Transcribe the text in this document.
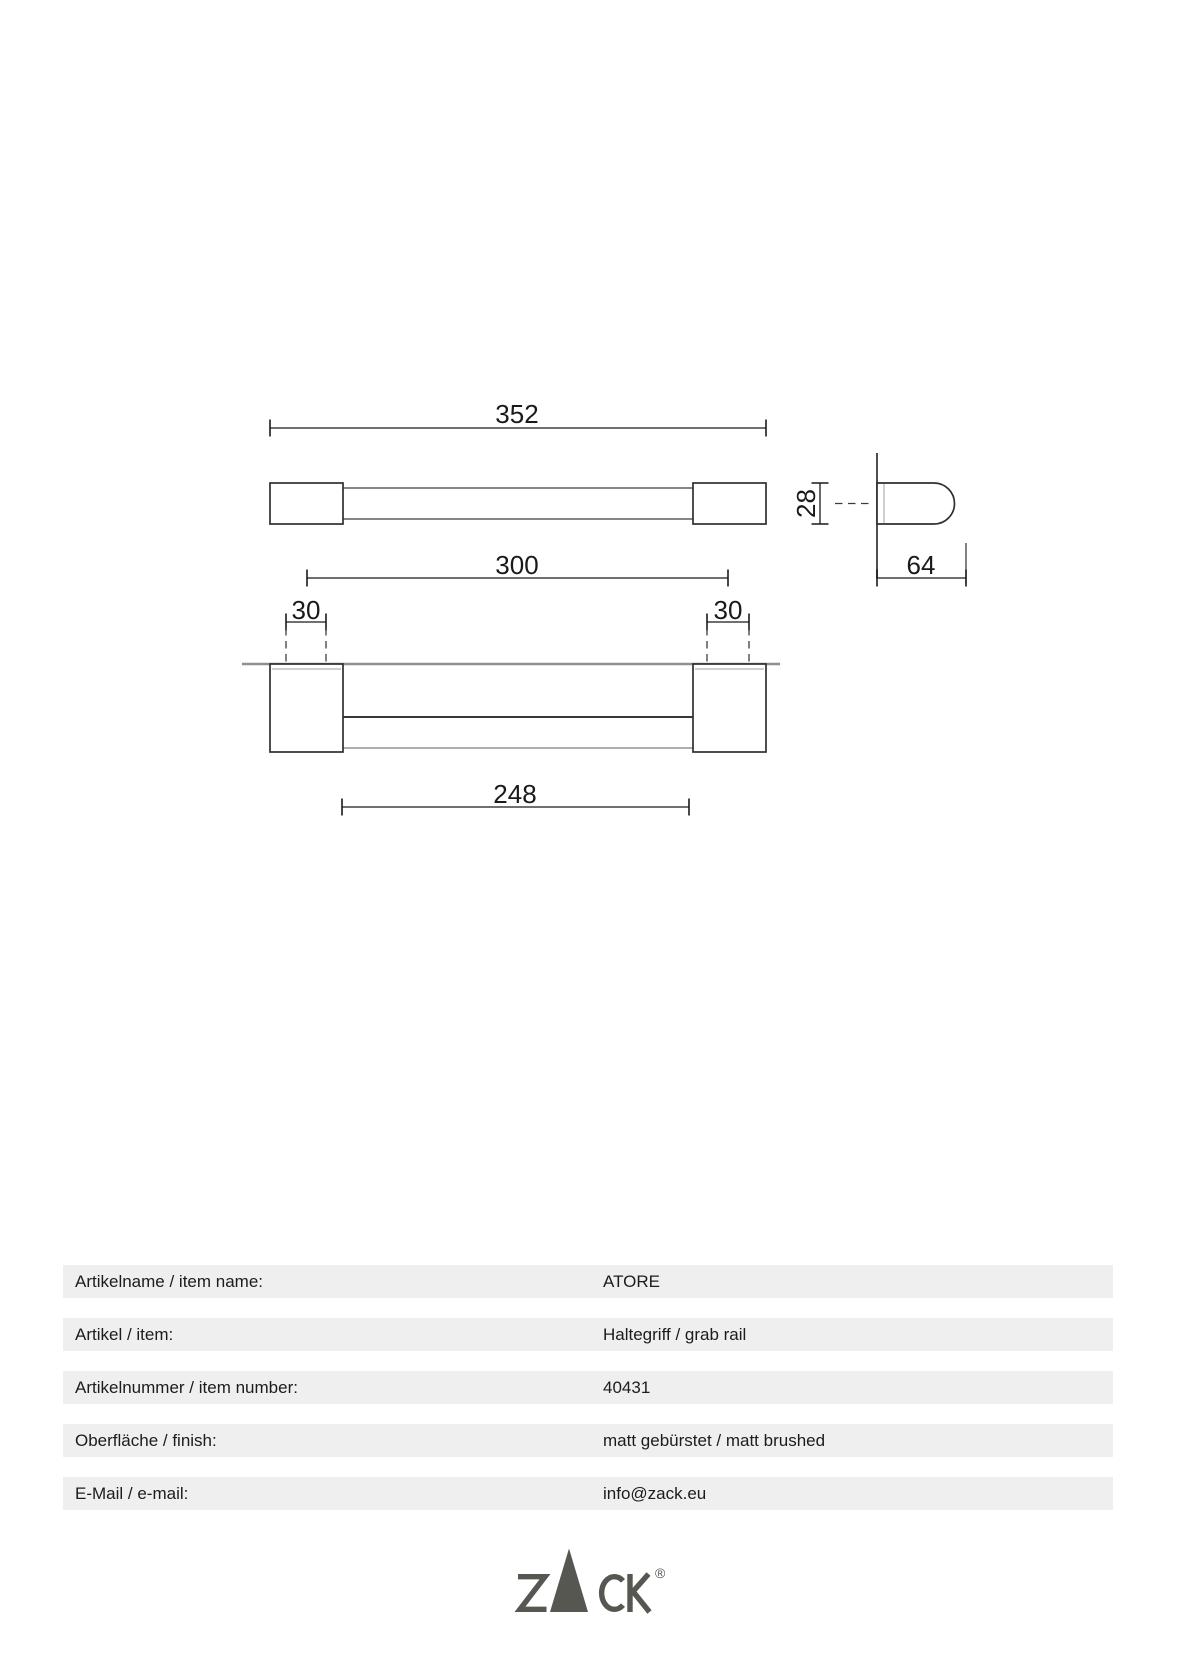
352
300
30	30
248
28
64
Artikelname / item name:	ATORE
Artikel / item:	Haltegriff / grab rail
Artikelnummer / item number:	40431
Oberfläche / finish:	matt gebürstet / matt brushed
E-Mail / e-mail:	info@zack.eu
®
